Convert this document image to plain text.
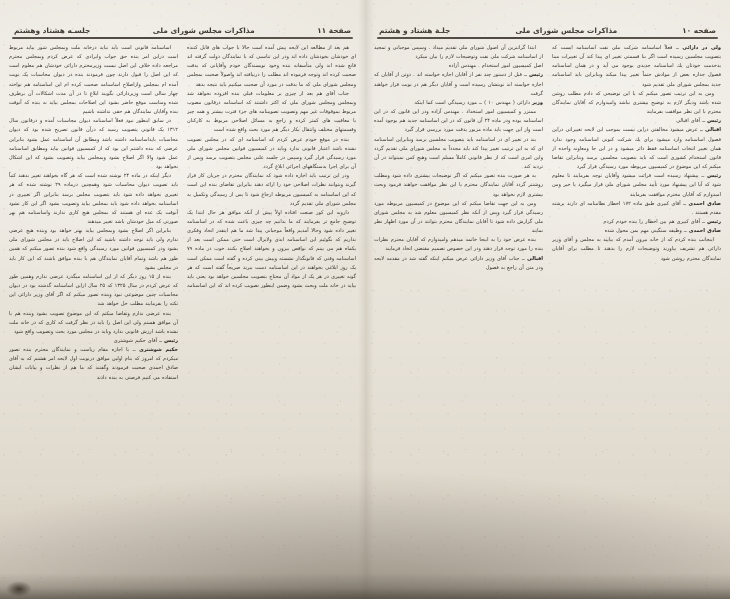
صفحة ۱۱
مذاکرات مجلس شورای ملی
جلسـه هشتاد وهشتم

هم بعد از مطالعه این لایحه پیش آمده است حالا با جواب های قابل کننده ای خودشان بخودشان داده اند ودر این تناسبی که با نمایندگان دولت گرفته اند قانع شده اند ولی متأسفانه بنده وخود نویسندگان خودم وآقایانی که بدقت صحبت کرده اند وتوجه فرموده اند مطلب را درنیافته اند واصولاً صحبت بمجلس ومجلس شورای ملی که ما بدقت در مورد آن صحبت میکنیم باید نتیجه بدهد

جناب آقای هم بعد از چیزی بر معلومات قبلی بنده افزوده نخواهد شد وبمجلس ومجلس شورای ملی که اکثر داشتند که اساسنامه درقانون مصوب مربوط بموقوفات غیر مهم وتصویب تصویبنامه های جزء فترت بیشتر و همه چیز با معافیت های کمتر کرده و راجع به مسائل اصلاحی مربوط به کارکنان وقسمتهای مختلف وانتقال بکار دیگر هم مورد بحث واقع شده است

بنده در موقع خودم عرض کردم که اساسنامه ای که در مجلس تصویب نشده باشد اعتبار قانونی ندارد وباید در کمیسیون قوانین مجلس شورای ملی مورد رسیدگی قرار گیرد وسپس در جلسه علنی مجلس بتصویب برسد وپس از آن برای اجرا بدستگاههای اجرائی ابلاغ گردد

ودر این ترتیب باید اجازه داده شود که نمایندگان محترم در جریان کار قرار گیرند وبتوانند نظرات اصلاحی خود را ارائه دهند بنابراین تقاضای بنده این است که این اساسنامه به کمیسیون مربوطه ارجاع شود تا پس از رسیدگی وتکمیل به مجلس شورای ملی تقدیم گردد

داروبه این کور صنعت افتاده اولاً پیش از آنکه موافق هر حال ابتدا یک توضیح جامع تر بفرمایند که ما بدانیم چه چیزی باعث شده که در اساسنامه تغییر داده شود وحالا آمدیم واقعاً موجبانی پیدا شد ما هم اینقدر اتحاد وفکری نداریم که بگوئیم این اساسنامه ابدی ولایزال است حتی ممکن است بعد از یکماه هم می بینم که نواقص بیرون و بخواهند اصلاح بکنند خوب در ماده ۷۹ اساسنامه وقتی که قانونگذار نشسته وپیش بینی کرده و گفته است ممکن است یک روز ابلاغی بخواهند در این اساسنامه دست ببرند صریحاً گفته است که هر گونه تغییری در هر یک از مواد آن محتاج بتصویب مجلسین خواهد بود یعنی باید بیاید در خانه ملت وبحث بشود وضمن اینطور تصویب کرده اند که این اساسنامه

اساسنامه قانونی است باید نباید درخانه ملت وبمجلس شور بیاید مربوط است دراین امر بنده حق جواب وایرادی که عرض کردم وبمجلس محترم مراجعه داده خلاف این اصل نیست وزیرمحترم دارائی خودشان هم معلوم است که این اصل را قبول دارند چون فرمودند بنده در دیوان محاسبات یک نوبت آمده ام بمجلس وازاصلاح اساسنامه صحبت کرده ام این اساسنامه هم نواخته چهار سالی است وزیردارائی بگویند ابلاغ تا در آن مدت اشکالات آن برطرف شده ومناسب موقع حاضر بشود این اصلاحات بمجلس بیاید نه بنده که آنوقت بنده وآقایان نمایندگان هم حقی نداشته باشیم

در سابق اینطور نبود فعلاً اساسنامه دیوان محاسبات آمده و درقانون سال ۱۳۱۲ یک قانونی بتصویب رسید که درآن قانون تصریح شده بود که دیوان محاسبات بایداساسنامه داشته باشد ومطابق آن اساسنامه عمل بشود بنابراین عرضی که بنده داشتم این بود که از کمیسیون قوانین بیاید ومطابق اساسنامه عمل شود والا اگر اصلاح بشود وبمجلس بیاید وتصویب بشود که این اشکال نخواهد بود

دیگر اینکه در ماده ۲۴ نوشته شده است که هر گاه بخواهند تغییر بدهند کتباً باید تصویب دیوان محاسبات شود وهمچنین درماده ۲۹ نوشته شده که هر تغییری بخواهد داده شود باید بتصویب مجلس برسد بنابراین اگر تغییری در اساسنامه بخواهد داده شود باید بمجلس بیاید وتصویب بشود اگر این کار نشود آنوقت یک عده ای هستند که بمجلس هیچ کاری ندارند واساسنامه هم بهر صورتی که میل خودشان باشد تغییر میدهند

بنابراین اگر اصلاح بشود وبمجلس بیاید بهتر خواهد بود وبنده هیچ عرضی ندارم ولی باید توجه داشته باشید که این اصلاح باید در مجلس شورای ملی بشود ودر کمیسیون قوانین مورد رسیدگی واقع شود بنده تصور میکنم که همین طور هم باشد وتمام آقایان نمایندگان هم با بنده موافق باشند که این کار باید در مجلس بشود

بنده از ۱۵ روز دیگر که از این اساسنامه میگذرد عرضی ندارم وهمین طور که عرض کردم در سال ۱۳۲۵ که ۲۵ سال ازاین اساسنامه گذشته بود در دیوان محاسبات چنین موضوعی نبود وبنده تصور میکنم که اگر آقای وزیر دارائی این نکته را بفرمایند مطلب حل خواهد شد

بنده عرضی ندارم وتقاضا میکنم که این موضوع تصویب بشود وبنده هم با آن موافق هستم ولی این اصل را باید در نظر گرفت که کاری که در خانه ملت نشده باشد ارزش قانونی ندارد وباید در مجلس مورد بحث وتصویب واقع شود

رئیس ــ آقای حکیم شوشتری

حکیم شوشتری ــ با اجازه مقام ریاست و نمایندگان محترم بنده تصور میکردم که امروز که بنام اولین موافق درنوبت اول لایحه امر هشتم که به آقای صادق احمدی صحبت فرمودند وگفتند که ما هم از نظرات و بیانات ایشان استفاده می کنیم فرصتی به بنده دادند

صفحه ۱۰
مذاکرات مجلس شورای ملی
جلـة هشتاد و هشتم

ولی در دارائی ــ فعلاً اساسنامه شرکت ملی نفت اساسنامه ایست که بتصویب مجلسین رسیده است اگر بنا قسمتی تغییر ای پیدا کند آن تغییرات مبنا بدخدمت خودتان یك اساسنامه جدیدی بوجود می آید و در همان اساسنامه فصول جداره بعض از موادش حتماً تغییر پیدا میکند وبنابراین باید اساسنامه جدید بمجلس شورای ملی تقدیم شود

ومن به این ترتیب تصور میکنم که با این توضیحی که دادم مطلب روشن شده باشد ودیگر لازم به توضیح بیشتری نباشد وامیدوارم که آقایان نمایندگان محترم با این نظر موافقت بفرمایند

رئیس ــ آقای اقبالی

اقبالی ــ عرض میشود مخالفتی دراین نیست بموجب این لایحه تغییراتی دراین فصول اساسنامه وارد میشود برای یك شرکت کنونی اساسنامه وجود ندارد همان تغییر انتخاب اساسنامه فقط دائر میشود و در این جا ومعاونه واحده از قانون استخدام کشوری است که باید بتصویب مجلسین برسد وبنابراین تقاضا میکنم که این موضوع در کمیسیون مربوطه مورد رسیدگی قرار گیرد

رئیس ــ پیشنهاد رسیده است قرائت میشود وآقایان توجه بفرمایند تا معلوم شود که آیا این پیشنهاد مورد تأیید مجلس شورای ملی قرار میگیرد یا خیر ومن امیدوارم که آقایان محترم موافقت بفرمایند

صادق احمدی ــ آقای کبیری طبق ماده ۱۷۲ اخطار نظامنامه ای دارند برشته مقدم هستند .

رئیس ــ آقای کبیری هم بین اخطار را بنده خودم کردم

صادق احمدی ــ وظیفه سنگینی مهم بمن محول شده

اینجانب بنده کردم که از خانه بیرون آمدم که بیایید به مجلس و آقای وزیر دارائی هم تشریف بیاورند وتوضیحات لازم را بدهند تا مطلب برای آقایان نمایندگان محترم روشن شود

ابتدا گرانترین آن اصول شورای ملی تقدیم میداد . وسپس موجبانی و تمجید از اساسنامه شرکت ملی نفت وتوضیحات لازم را بیان میکرد

اصل کمیسیون امور استخدام . مهندس آزاده

رئیس ــ قبل از دستور چند نفر از آقایان اجازه خواسته اند . دوتن از آقایان که اجازه خواسته اند نوبتشان رسیده است و آقایان دیگر هم در نوبت قرار خواهند گرفت

وزیر دارائی ( مهندس ۱۰ ) ــ مورد رسیدگی است کما اینکه

ممتزر و کمیسیون امور استخداد . مهندس آزاده ودر این قانون که در این اساسنامه بوده ودر ماده ۲۴ آن قانون که در این اساسنامه جدید هم بوجود آمده است واز این جهت باید ماده مزبور بدقت مورد بررسی قرار گیرد

بند در تغییر ای در اساسنامه باید بتصویب مجلسین برسد وبنابراین اساسنامه ای که به این ترتیب تغییر پیدا کند باید مجدداً به مجلس شورای ملی تقدیم گردد واین امری است که از نظر قانونی کاملاً مسلم است وهیچ کس نمیتواند در آن تردید کند

به هر صورت بنده تصور میکنم که اگر توضیحات بیشتری داده شود ومطلب روشنتر گردد آقایان نمایندگان محترم با این نظر موافقت خواهند فرمود وبحث بیشتری لازم نخواهد بود

ومن به این جهت تقاضا میکنم که این موضوع در کمیسیون مربوطه مورد رسیدگی قرار گیرد وپس از آنکه نظر کمیسیون معلوم شد به مجلس شورای ملی گزارش داده شود تا آقایان نمایندگان محترم بتوانند در آن مورد اظهار نظر نمایند

بنده عرض خود را به اینجا خاتمه میدهم وامیدوارم که آقایان محترم نظرات بنده را مورد توجه قرار دهند ودر این خصوص تصمیم مقتضی اتخاذ فرمایند

اقبالی ــ جناب آقای وزیر دارائی عرض میکنم اینکه گفته شد در مقدمه لایحه ودر متن آن راجع به فصول
